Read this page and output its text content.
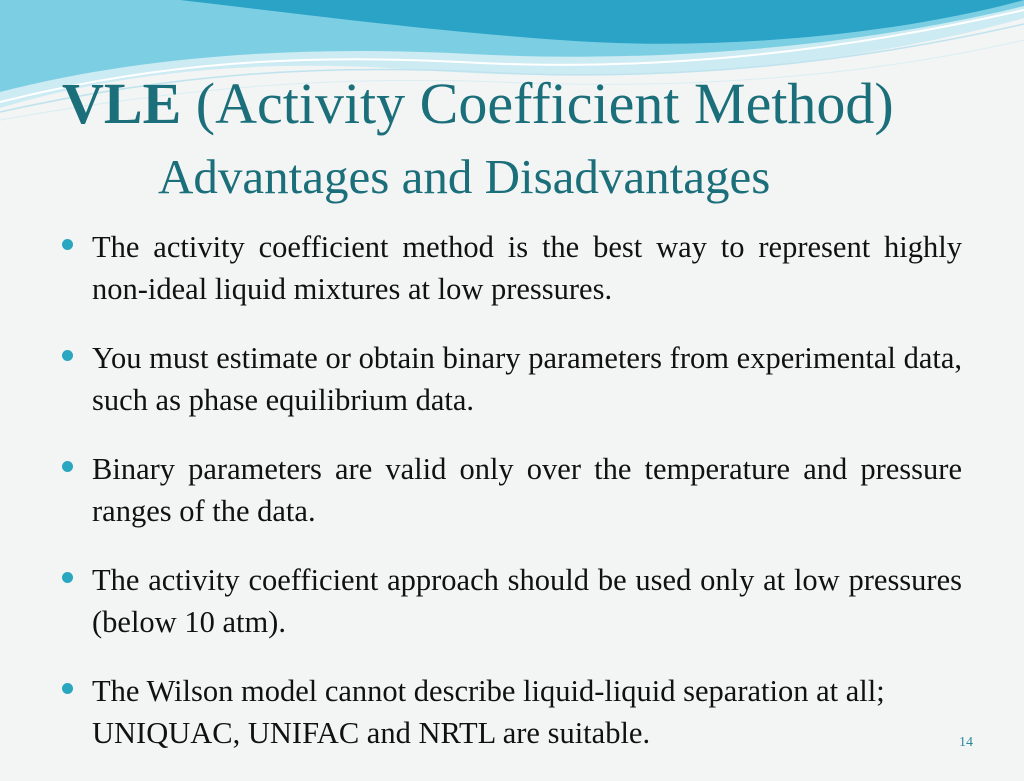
VLE (Activity Coefficient Method)
Advantages and Disadvantages
The activity coefficient method is the best way to represent highly non-ideal liquid mixtures at low pressures.
You must estimate or obtain binary parameters from experimental data, such as phase equilibrium data.
Binary parameters are valid only over the temperature and pressure ranges of the data.
The activity coefficient approach should be used only at low pressures (below 10 atm).
The Wilson model cannot describe liquid-liquid separation at all; UNIQUAC, UNIFAC and NRTL are suitable.	14
